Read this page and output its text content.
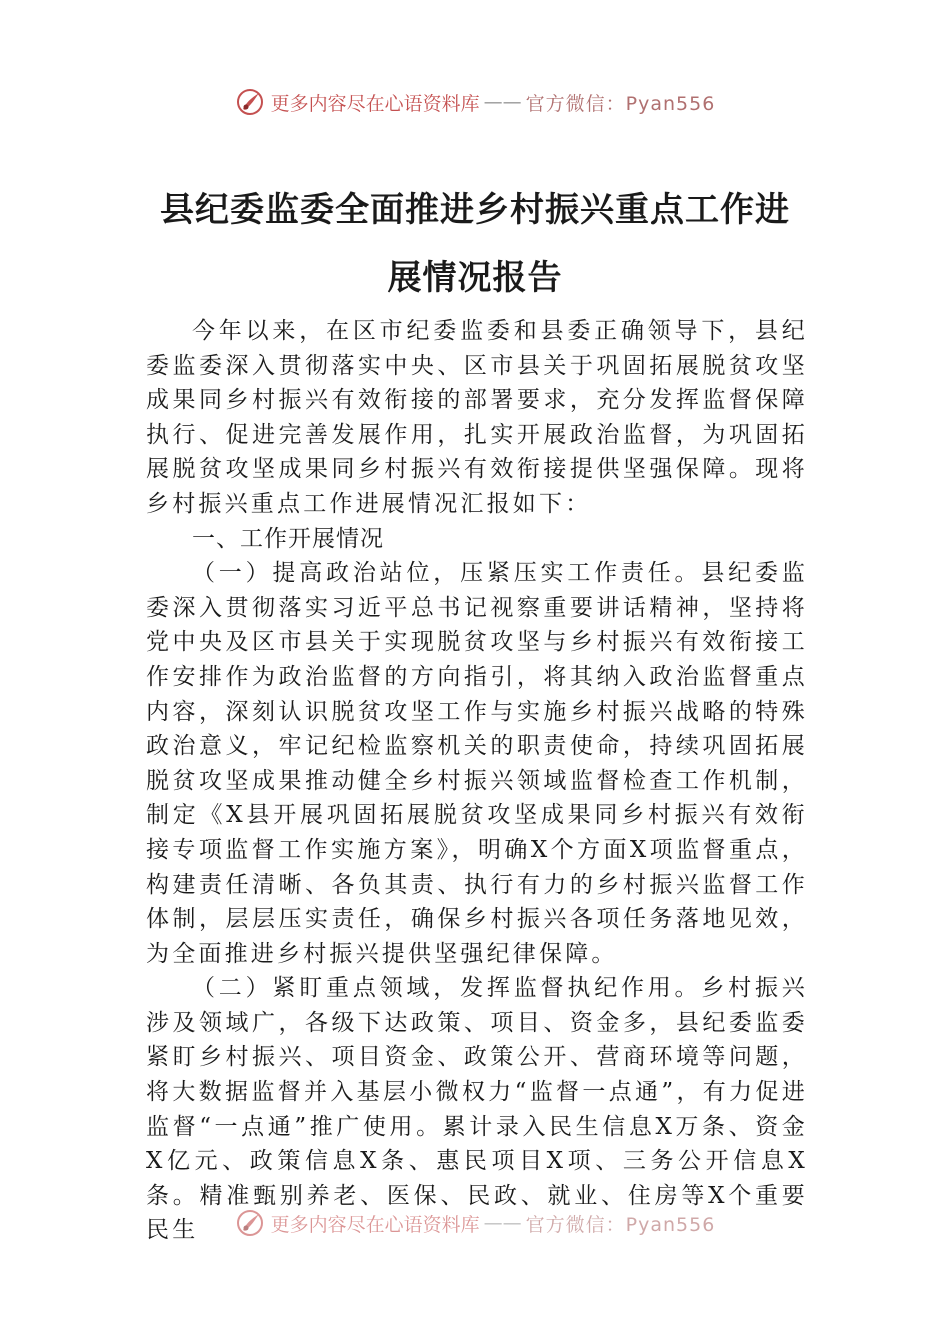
更多内容尽在心语资料库 —— 官方微信：Pyan556
县纪委监委全面推进乡村振兴重点工作进
展情况报告

今年以来，在区市纪委监委和县委正确领导下，县纪委监委深入贯彻落实中央、区市县关于巩固拓展脱贫攻坚成果同乡村振兴有效衔接的部署要求，充分发挥监督保障执行、促进完善发展作用，扎实开展政治监督，为巩固拓展脱贫攻坚成果同乡村振兴有效衔接提供坚强保障。现将乡村振兴重点工作进展情况汇报如下：

一、工作开展情况

（一）提高政治站位，压紧压实工作责任。县纪委监委深入贯彻落实习近平总书记视察重要讲话精神，坚持将党中央及区市县关于实现脱贫攻坚与乡村振兴有效衔接工作安排作为政治监督的方向指引，将其纳入政治监督重点内容，深刻认识脱贫攻坚工作与实施乡村振兴战略的特殊政治意义，牢记纪检监察机关的职责使命，持续巩固拓展脱贫攻坚成果推动健全乡村振兴领域监督检查工作机制，制定《X县开展巩固拓展脱贫攻坚成果同乡村振兴有效衔接专项监督工作实施方案》，明确X个方面X项监督重点，构建责任清晰、各负其责、执行有力的乡村振兴监督工作体制，层层压实责任，确保乡村振兴各项任务落地见效，为全面推进乡村振兴提供坚强纪律保障。

（二）紧盯重点领域，发挥监督执纪作用。乡村振兴涉及领域广，各级下达政策、项目、资金多，县纪委监委紧盯乡村振兴、项目资金、政策公开、营商环境等问题，将大数据监督并入基层小微权力“监督一点通”，有力促进监督“一点通”推广使用。累计录入民生信息X万条、资金X亿元、政策信息X条、惠民项目X项、三务公开信息X条。精准甄别养老、医保、民政、就业、住房等X个重要民生	更多内容尽在心语资料库 —— 官方微信：Pyan556
